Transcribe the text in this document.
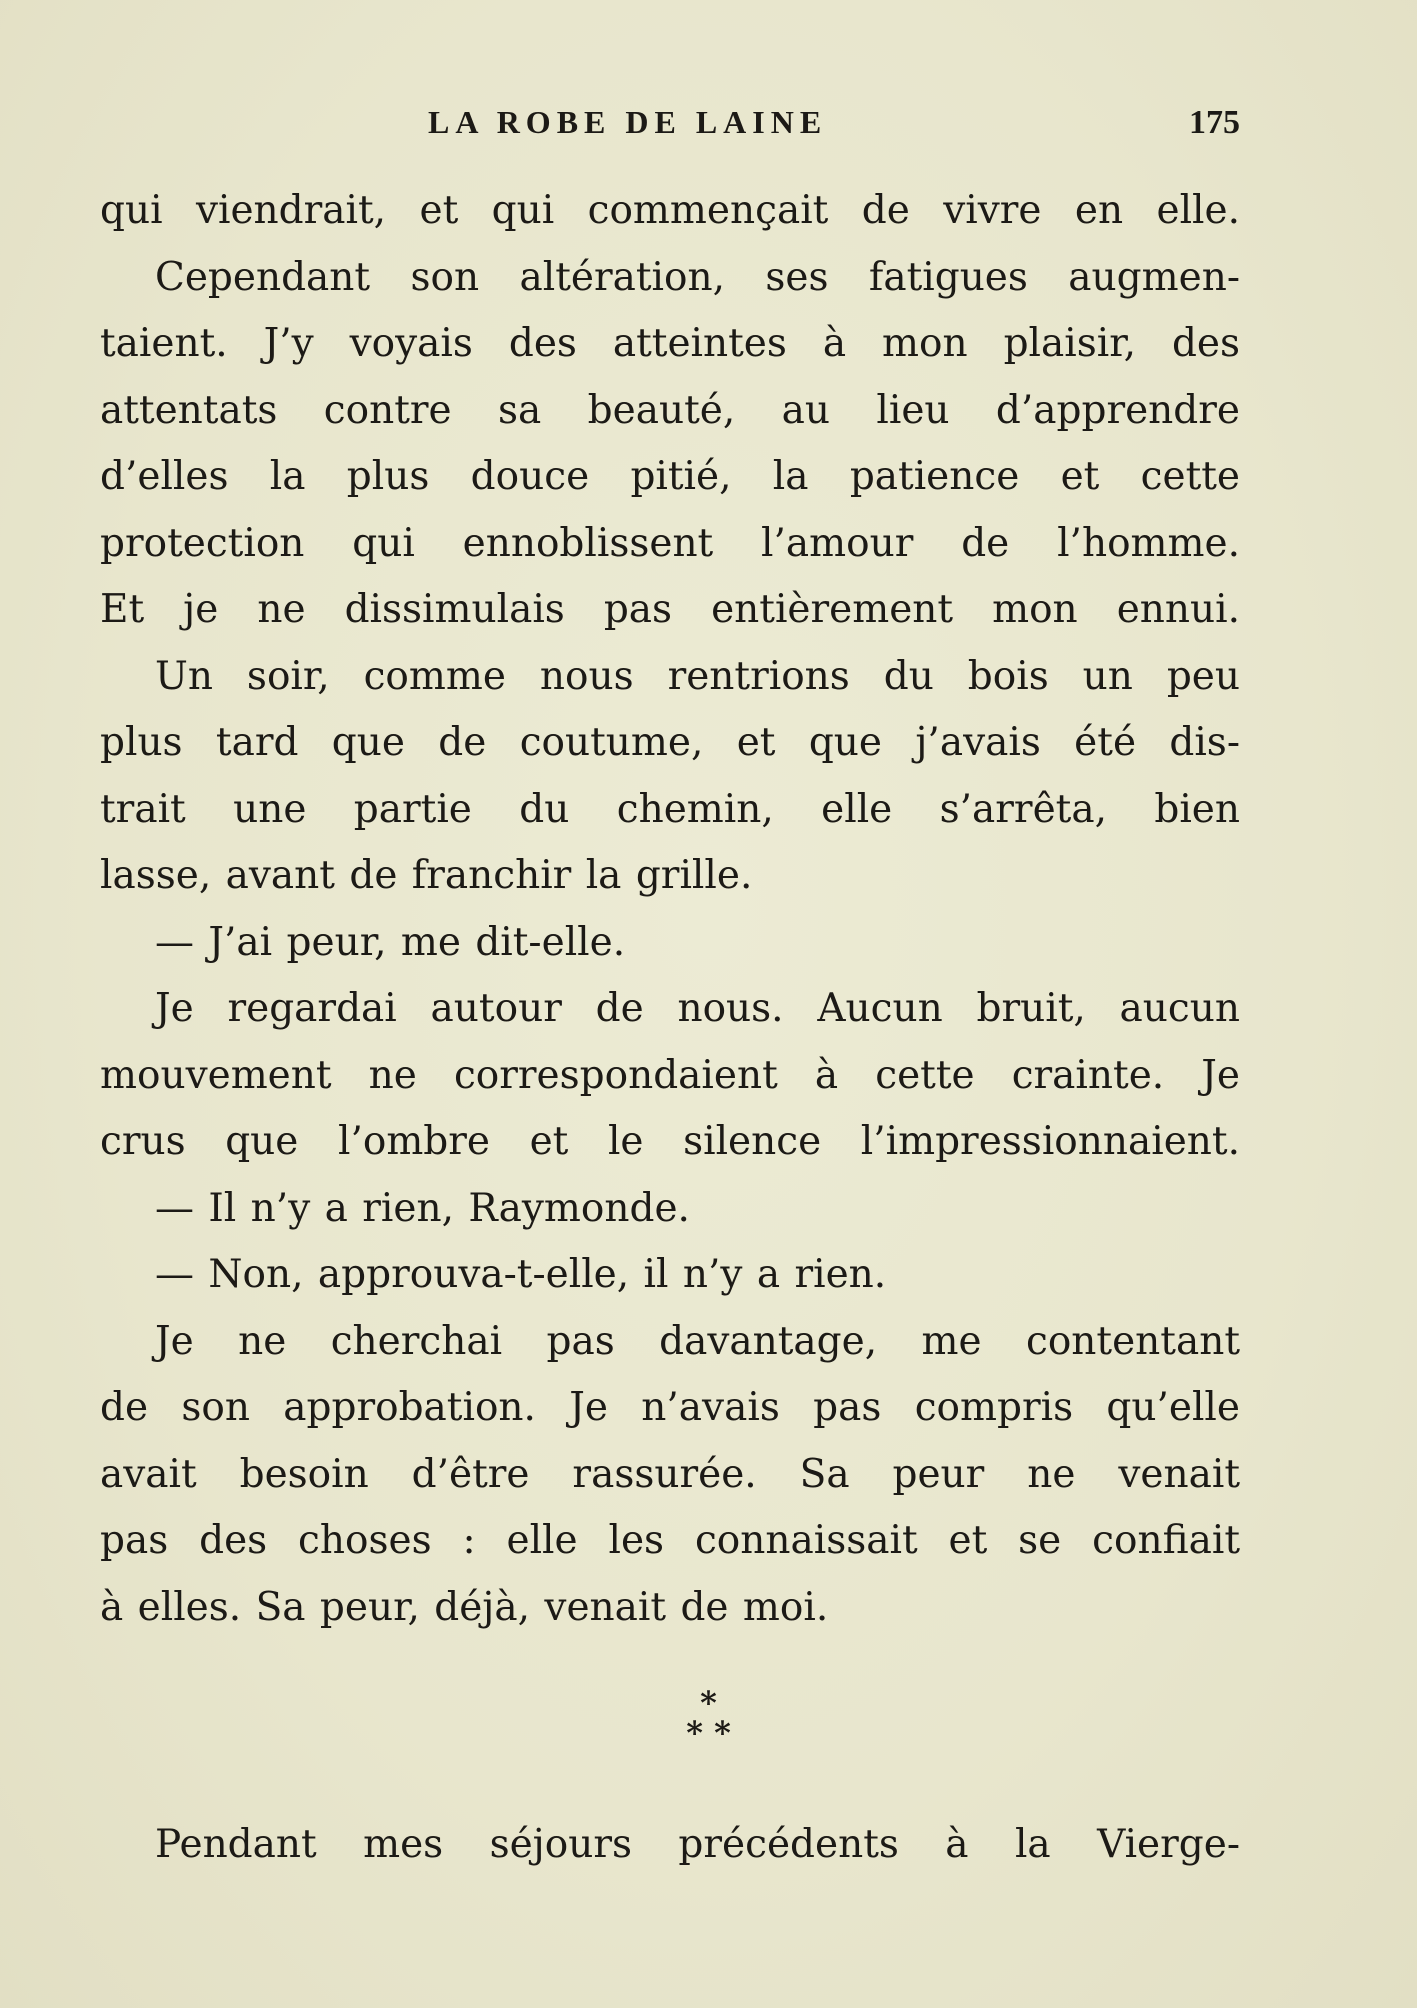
LA ROBE DE LAINE	175
qui viendrait, et qui commençait de vivre en elle.
Cependant son altération, ses fatigues augmen-
taient. J’y voyais des atteintes à mon plaisir, des
attentats contre sa beauté, au lieu d’apprendre
d’elles la plus douce pitié, la patience et cette
protection qui ennoblissent l’amour de l’homme.
Et je ne dissimulais pas entièrement mon ennui.
Un soir, comme nous rentrions du bois un peu
plus tard que de coutume, et que j’avais été dis-
trait une partie du chemin, elle s’arrêta, bien
lasse, avant de franchir la grille.
— J’ai peur, me dit-elle.
Je regardai autour de nous. Aucun bruit, aucun
mouvement ne correspondaient à cette crainte. Je
crus que l’ombre et le silence l’impressionnaient.
— Il n’y a rien, Raymonde.
— Non, approuva-t-elle, il n’y a rien.
Je ne cherchai pas davantage, me contentant
de son approbation. Je n’avais pas compris qu’elle
avait besoin d’être rassurée. Sa peur ne venait
pas des choses : elle les connaissait et se confiait
à elles. Sa peur, déjà, venait de moi.
*
* *
Pendant mes séjours précédents à la Vierge-
